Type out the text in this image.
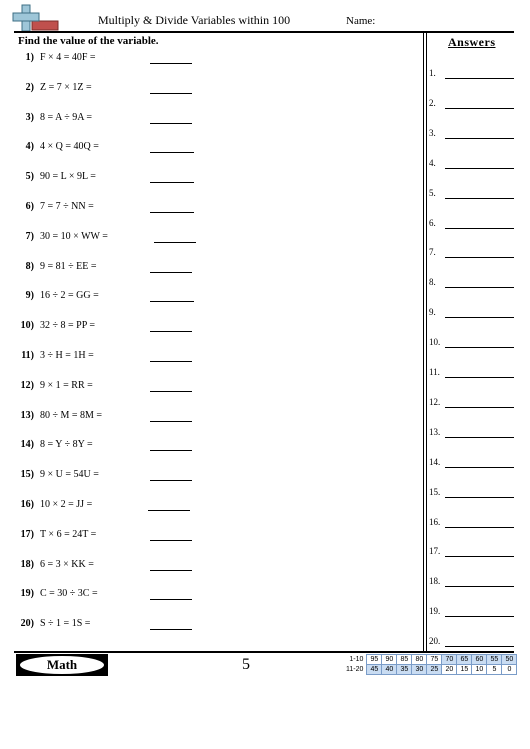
Multiply & Divide Variables within 100	Name:
Find the value of the variable.	Answers
1) F × 4 = 40F =
2) Z = 7 × 1Z =
3) 8 = A ÷ 9A =
4) 4 × Q = 40Q =
5) 90 = L × 9L =
6) 7 = 7 ÷ NN =
7) 30 = 10 × WW =
8) 9 = 81 ÷ EE =
9) 16 ÷ 2 = GG =
10) 32 ÷ 8 = PP =
11) 3 ÷ H = 1H =
12) 9 × 1 = RR =
13) 80 ÷ M = 8M =
14) 8 = Y ÷ 8Y =
15) 9 × U = 54U =
16) 10 × 2 = JJ =
17) T × 6 = 24T =
18) 6 = 3 × KK =
19) C = 30 ÷ 3C =
20) S ÷ 1 = 1S =
1.
2.
3.
4.
5.
6.
7.
8.
9.
10.
11.
12.
13.
14.
15.
16.
17.
18.
19.
20.
Math	5	1-10	95	90	85	80	75	70	65	60	55	50
11-20	45	40	35	30	25	20	15	10	5	0
